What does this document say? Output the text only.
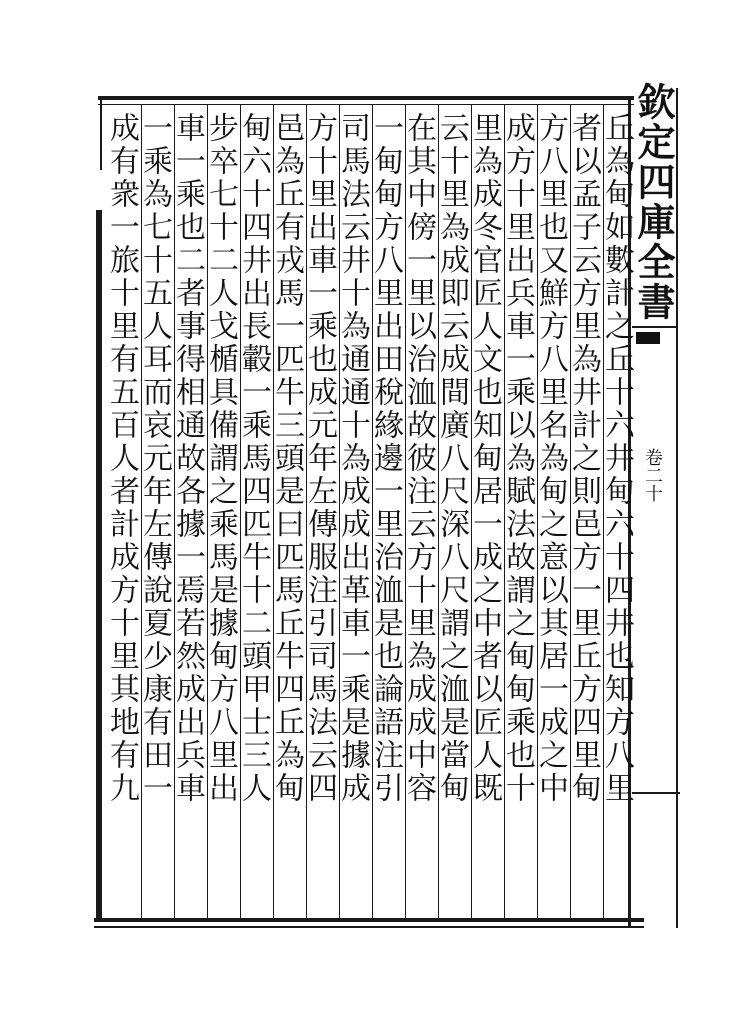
欽定四庫全書
卷二十
丘為甸如數計之丘十六井甸六十四井也知方八里
者以孟子云方里為井計之則邑方一里丘方四里甸
方八里也又鮮方八里名為甸之意以其居一成之中
成方十里出兵車一乘以為賦法故謂之甸甸乘也十
里為成冬官匠人文也知甸居一成之中者以匠人既
云十里為成即云成間廣八尺深八尺謂之洫是當甸
在其中傍一里以治洫故彼注云方十里為成成中容
一甸甸方八里出田稅緣邊一里治洫是也論語注引
司馬法云井十為通通十為成成出革車一乘是據成
方十里出車一乘也成元年左傳服注引司馬法云四
邑為丘有戎馬一匹牛三頭是曰匹馬丘牛四丘為甸
甸六十四井出長轂一乘馬四匹牛十二頭甲士三人
步卒七十二人戈楯具備謂之乘馬是據甸方八里出
車一乘也二者事得相通故各據一焉若然成出兵車
一乘為七十五人耳而哀元年左傳說夏少康有田一
成有衆一旅十里有五百人者計成方十里其地有九
